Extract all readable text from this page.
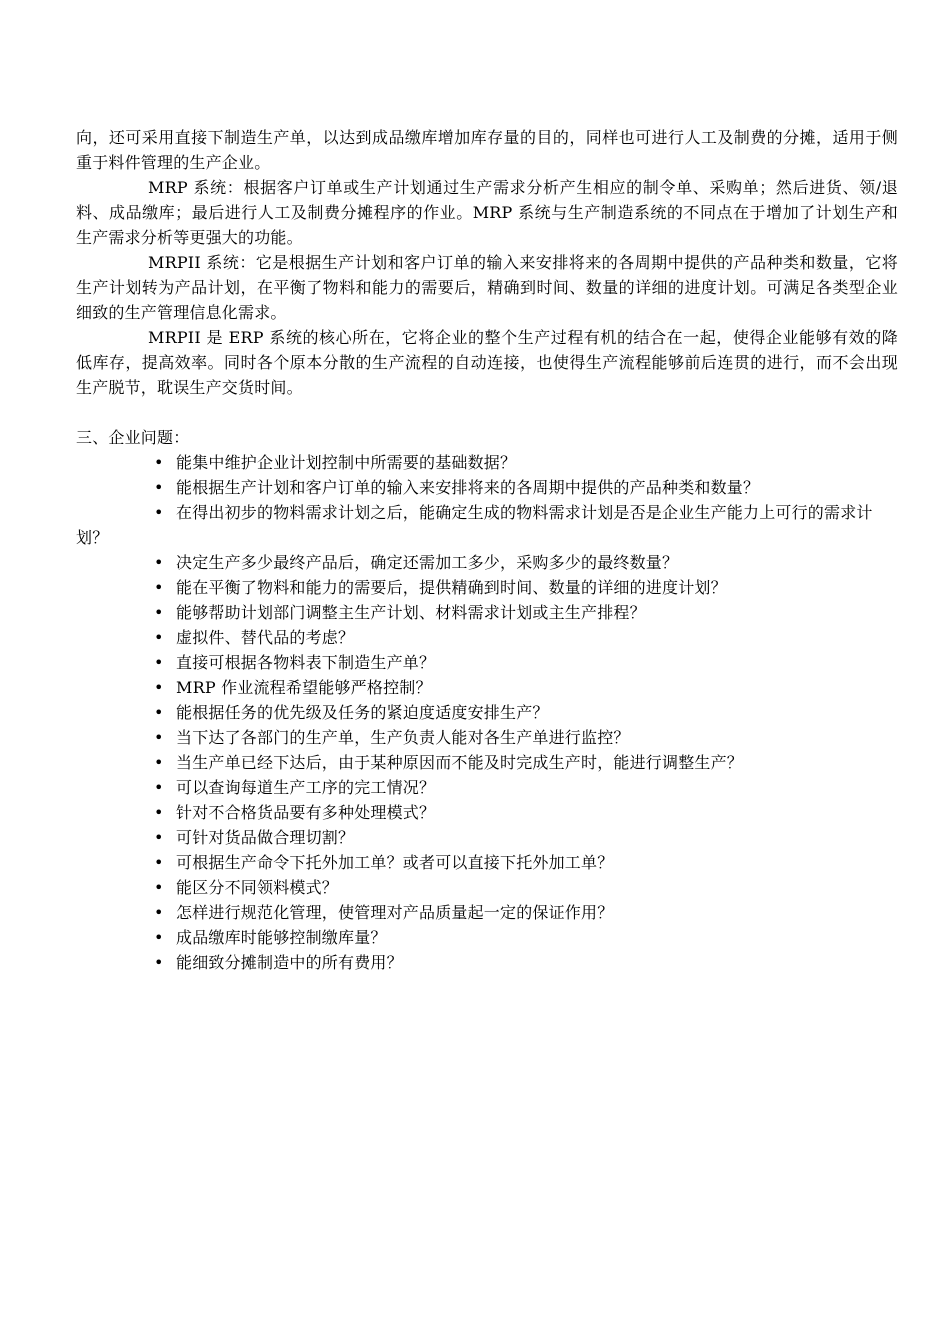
向，还可采用直接下制造生产单，以达到成品缴库增加库存量的目的，同样也可进行人工及制费的分摊，适用于侧重于料件管理的生产企业。

MRP 系统：根据客户订单或生产计划通过生产需求分析产生相应的制令单、采购单；然后进货、领/退料、成品缴库；最后进行人工及制费分摊程序的作业。MRP 系统与生产制造系统的不同点在于增加了计划生产和生产需求分析等更强大的功能。

MRPII 系统：它是根据生产计划和客户订单的输入来安排将来的各周期中提供的产品种类和数量，它将生产计划转为产品计划，在平衡了物料和能力的需要后，精确到时间、数量的详细的进度计划。可满足各类型企业细致的生产管理信息化需求。

MRPII 是 ERP 系统的核心所在，它将企业的整个生产过程有机的结合在一起，使得企业能够有效的降低库存，提高效率。同时各个原本分散的生产流程的自动连接，也使得生产流程能够前后连贯的进行，而不会出现生产脱节，耽误生产交货时间。

三、企业问题：

• 能集中维护企业计划控制中所需要的基础数据？
• 能根据生产计划和客户订单的输入来安排将来的各周期中提供的产品种类和数量？
• 在得出初步的物料需求计划之后，能确定生成的物料需求计划是否是企业生产能力上可行的需求计划？
• 决定生产多少最终产品后，确定还需加工多少，采购多少的最终数量？
• 能在平衡了物料和能力的需要后，提供精确到时间、数量的详细的进度计划？
• 能够帮助计划部门调整主生产计划、材料需求计划或主生产排程？
• 虚拟件、替代品的考虑？
• 直接可根据各物料表下制造生产单？
• MRP 作业流程希望能够严格控制？
• 能根据任务的优先级及任务的紧迫度适度安排生产？
• 当下达了各部门的生产单，生产负责人能对各生产单进行监控？
• 当生产单已经下达后，由于某种原因而不能及时完成生产时，能进行调整生产？
• 可以查询每道生产工序的完工情况？
• 针对不合格货品要有多种处理模式？
• 可针对货品做合理切割？
• 可根据生产命令下托外加工单？或者可以直接下托外加工单？
• 能区分不同领料模式？
• 怎样进行规范化管理，使管理对产品质量起一定的保证作用？
• 成品缴库时能够控制缴库量？
• 能细致分摊制造中的所有费用？
